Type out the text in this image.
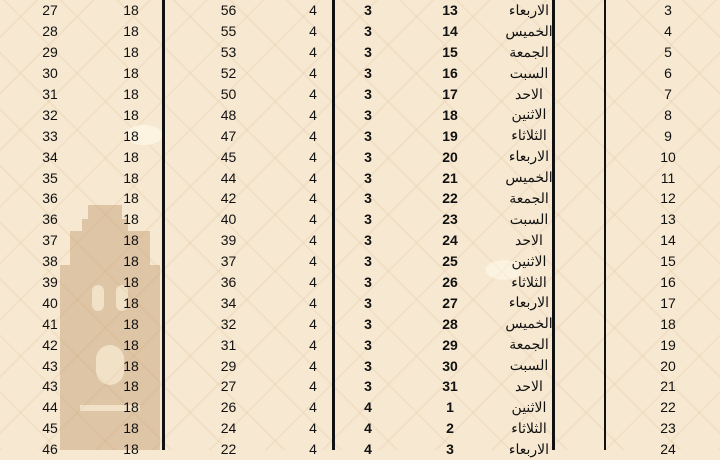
27	18		56	4		3	13	الاربعاء				3
28	18		55	4		3	14	الخميس				4
29	18		53	4		3	15	الجمعة				5
30	18		52	4		3	16	السبت				6
31	18		50	4		3	17	الاحد				7
32	18		48	4		3	18	الاثنين				8
33	18		47	4		3	19	الثلاثاء				9
34	18		45	4		3	20	الاربعاء				10
35	18		44	4		3	21	الخميس				11
36	18		42	4		3	22	الجمعة				12
36	18		40	4		3	23	السبت				13
37	18		39	4		3	24	الاحد				14
38	18		37	4		3	25	الاثنين				15
39	18		36	4		3	26	الثلاثاء				16
40	18		34	4		3	27	الاربعاء				17
41	18		32	4		3	28	الخميس				18
42	18		31	4		3	29	الجمعة				19
43	18		29	4		3	30	السبت				20
43	18		27	4		3	31	الاحد				21
44	18		26	4		4	1	الاثنين				22
45	18		24	4		4	2	الثلاثاء				23
46	18		22	4		4	3	الاربعاء				24
